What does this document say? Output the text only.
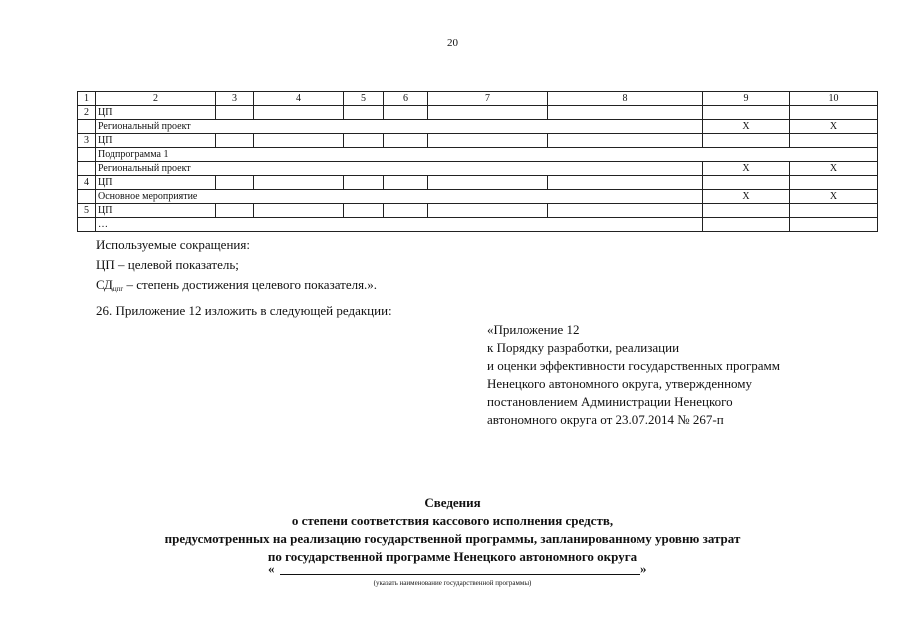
20
1	2	3	4	5	6	7	8	9	10
2	ЦП								
	Региональный проект							X	X
3	ЦП								
	Подпрограмма 1								
	Региональный проект							X	X
4	ЦП								
	Основное мероприятие							X	X
5	ЦП								
	…								
Используемые сокращения:
ЦП – целевой показатель;
$СД_{цпг}$ – степень достижения целевого показателя.».
26. Приложение 12 изложить в следующей редакции:
«Приложение 12
к Порядку разработки, реализации
и оценки эффективности государственных программ
Ненецкого автономного округа, утвержденному
постановлением Администрации Ненецкого
автономного округа от 23.07.2014 № 267-п
Сведения
о степени соответствия кассового исполнения средств,
предусмотренных на реализацию государственной программы, запланированному уровню затрат
по государственной программе Ненецкого автономного округа
«	»
(указать наименование государственной программы)
